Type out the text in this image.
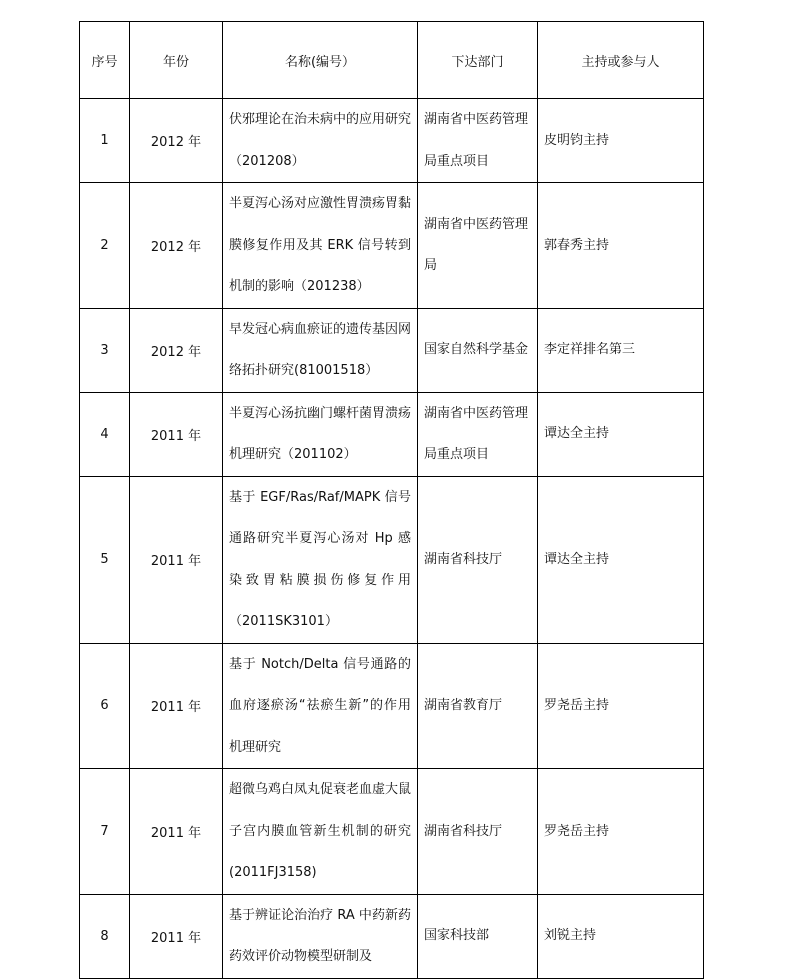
序号	年份	名称(编号）	下达部门	主持或参与人
1	2012 年	伏邪理论在治未病中的应用研究（201208）	湖南省中医药管理局重点项目	皮明钧主持
2	2012 年	半夏泻心汤对应激性胃溃疡胃黏膜修复作用及其 ERK 信号转到机制的影响（201238）	湖南省中医药管理局	郭春秀主持
3	2012 年	早发冠心病血瘀证的遗传基因网络拓扑研究(81001518）	国家自然科学基金	李定祥排名第三
4	2011 年	半夏泻心汤抗幽门螺杆菌胃溃疡机理研究（201102）	湖南省中医药管理局重点项目	谭达全主持
5	2011 年	基于 EGF/Ras/Raf/MAPK 信号通路研究半夏泻心汤对 Hp 感染致胃粘膜损伤修复作用（2011SK3101）	湖南省科技厅	谭达全主持
6	2011 年	基于 Notch/Delta 信号通路的血府逐瘀汤“祛瘀生新”的作用机理研究	湖南省教育厅	罗尧岳主持
7	2011 年	超微乌鸡白凤丸促衰老血虚大鼠子宫内膜血管新生机制的研究(2011FJ3158)	湖南省科技厅	罗尧岳主持
8	2011 年	基于辨证论治治疗 RA 中药新药药效评价动物模型研制及	国家科技部	刘锐主持
